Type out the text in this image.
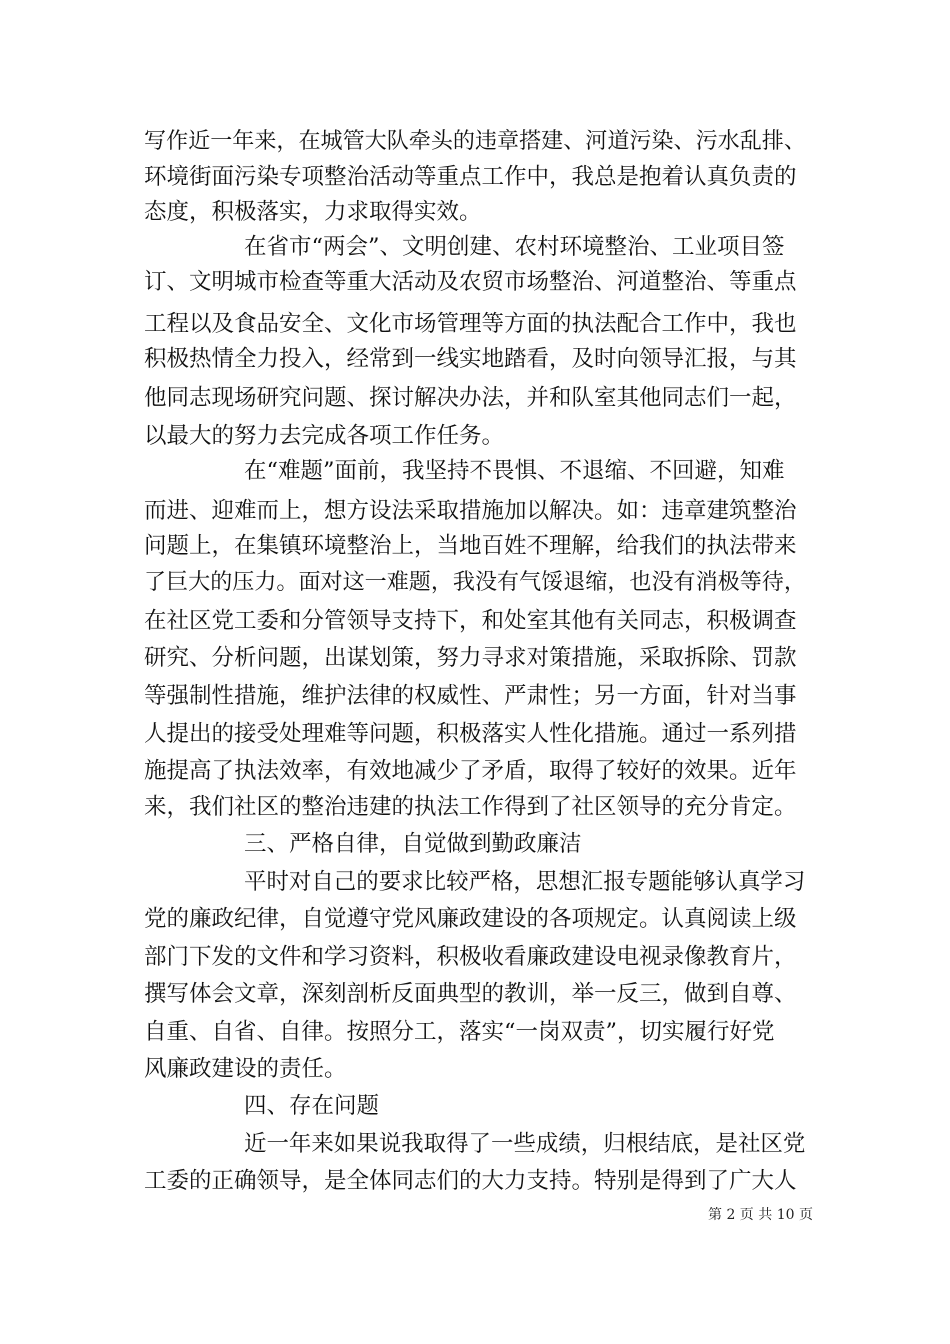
写作近一年来，在城管大队牵头的违章搭建、河道污染、污水乱排、
环境街面污染专项整治活动等重点工作中，我总是抱着认真负责的
态度，积极落实，力求取得实效。
在省市“两会”、文明创建、农村环境整治、工业项目签
订、文明城市检查等重大活动及农贸市场整治、河道整治、等重点
工程以及食品安全、文化市场管理等方面的执法配合工作中，我也
积极热情全力投入，经常到一线实地踏看，及时向领导汇报，与其
他同志现场研究问题、探讨解决办法，并和队室其他同志们一起，
以最大的努力去完成各项工作任务。
在“难题”面前，我坚持不畏惧、不退缩、不回避，知难
而进、迎难而上，想方设法采取措施加以解决。如：违章建筑整治
问题上，在集镇环境整治上，当地百姓不理解，给我们的执法带来
了巨大的压力。面对这一难题，我没有气馁退缩，也没有消极等待，
在社区党工委和分管领导支持下，和处室其他有关同志，积极调查
研究、分析问题，出谋划策，努力寻求对策措施，采取拆除、罚款
等强制性措施，维护法律的权威性、严肃性；另一方面，针对当事
人提出的接受处理难等问题，积极落实人性化措施。通过一系列措
施提高了执法效率，有效地减少了矛盾，取得了较好的效果。近年
来，我们社区的整治违建的执法工作得到了社区领导的充分肯定。
三、严格自律，自觉做到勤政廉洁
平时对自己的要求比较严格，思想汇报专题能够认真学习
党的廉政纪律，自觉遵守党风廉政建设的各项规定。认真阅读上级
部门下发的文件和学习资料，积极收看廉政建设电视录像教育片，
撰写体会文章，深刻剖析反面典型的教训，举一反三，做到自尊、
自重、自省、自律。按照分工，落实“一岗双责”，切实履行好党
风廉政建设的责任。
四、存在问题
近一年来如果说我取得了一些成绩，归根结底，是社区党
工委的正确领导，是全体同志们的大力支持。特别是得到了广大人
第 2 页 共 10 页
